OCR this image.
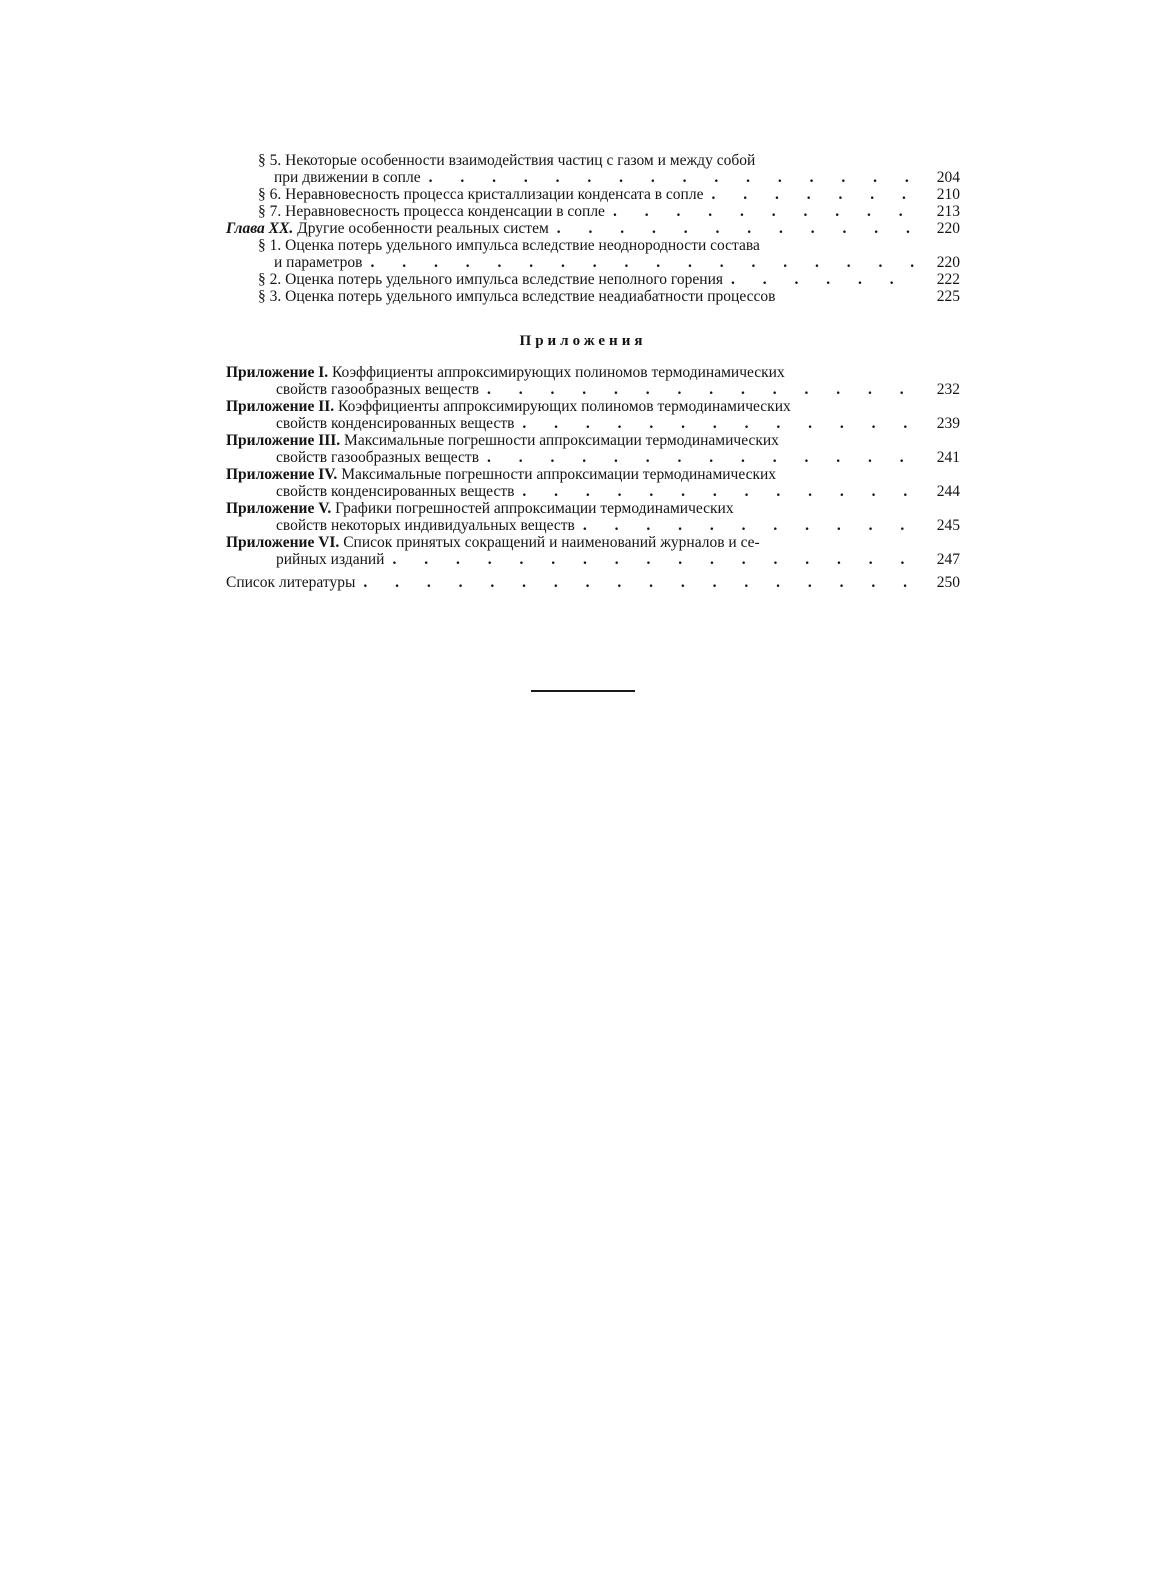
§ 5. Некоторые особенности взаимодействия частиц с газом и между собой
при движении в сопле . . .	204
§ 6. Неравновесность процесса кристаллизации конденсата в сопле . . .	210
§ 7. Неравновесность процесса конденсации в сопле . . .	213
Глава XX. Другие особенности реальных систем . . .	220
§ 1. Оценка потерь удельного импульса вследствие неоднородности состава
и параметров . . .	220
§ 2. Оценка потерь удельного импульса вследствие неполного горения . . .	222
§ 3. Оценка потерь удельного импульса вследствие неадиабатности процессов	225
Приложения
Приложение I. Коэффициенты аппроксимирующих полиномов термодинамических
свойств газообразных веществ . . .	232
Приложение II. Коэффициенты аппроксимирующих полиномов термодинамических
свойств конденсированных веществ . . .	239
Приложение III. Максимальные погрешности аппроксимации термодинамических
свойств газообразных веществ . . .	241
Приложение IV. Максимальные погрешности аппроксимации термодинамических
свойств конденсированных веществ . . .	244
Приложение V. Графики погрешностей аппроксимации термодинамических
свойств некоторых индивидуальных веществ . . .	245
Приложение VI. Список принятых сокращений и наименований журналов и се-
рийных изданий . . .	247
Список литературы . . .	250
